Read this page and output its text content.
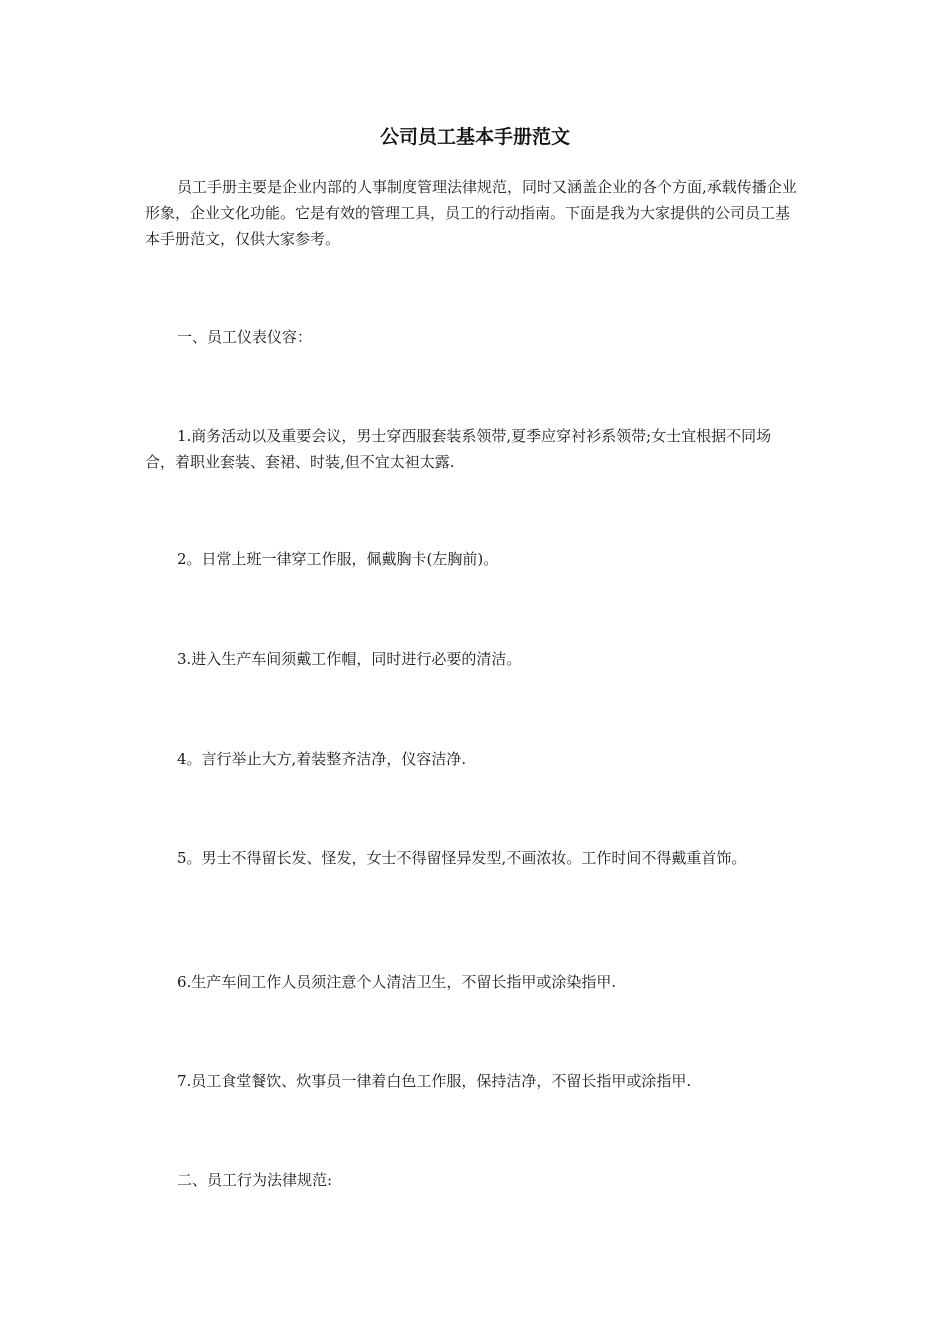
公司员工基本手册范文

员工手册主要是企业内部的人事制度管理法律规范，同时又涵盖企业的各个方面,承载传播企业形象，企业文化功能。它是有效的管理工具，员工的行动指南。下面是我为大家提供的公司员工基本手册范文，仅供大家参考。

一、员工仪表仪容：

1.商务活动以及重要会议，男士穿西服套装系领带,夏季应穿衬衫系领带;女士宜根据不同场合，着职业套装、套裙、时装,但不宜太袒太露.

2。日常上班一律穿工作服，佩戴胸卡(左胸前)。

3.进入生产车间须戴工作帽，同时进行必要的清洁。

4。言行举止大方,着装整齐洁净，仪容洁净.

5。男士不得留长发、怪发，女士不得留怪异发型,不画浓妆。工作时间不得戴重首饰。

6.生产车间工作人员须注意个人清洁卫生，不留长指甲或涂染指甲.

7.员工食堂餐饮、炊事员一律着白色工作服，保持洁净，不留长指甲或涂指甲.

二、员工行为法律规范:
